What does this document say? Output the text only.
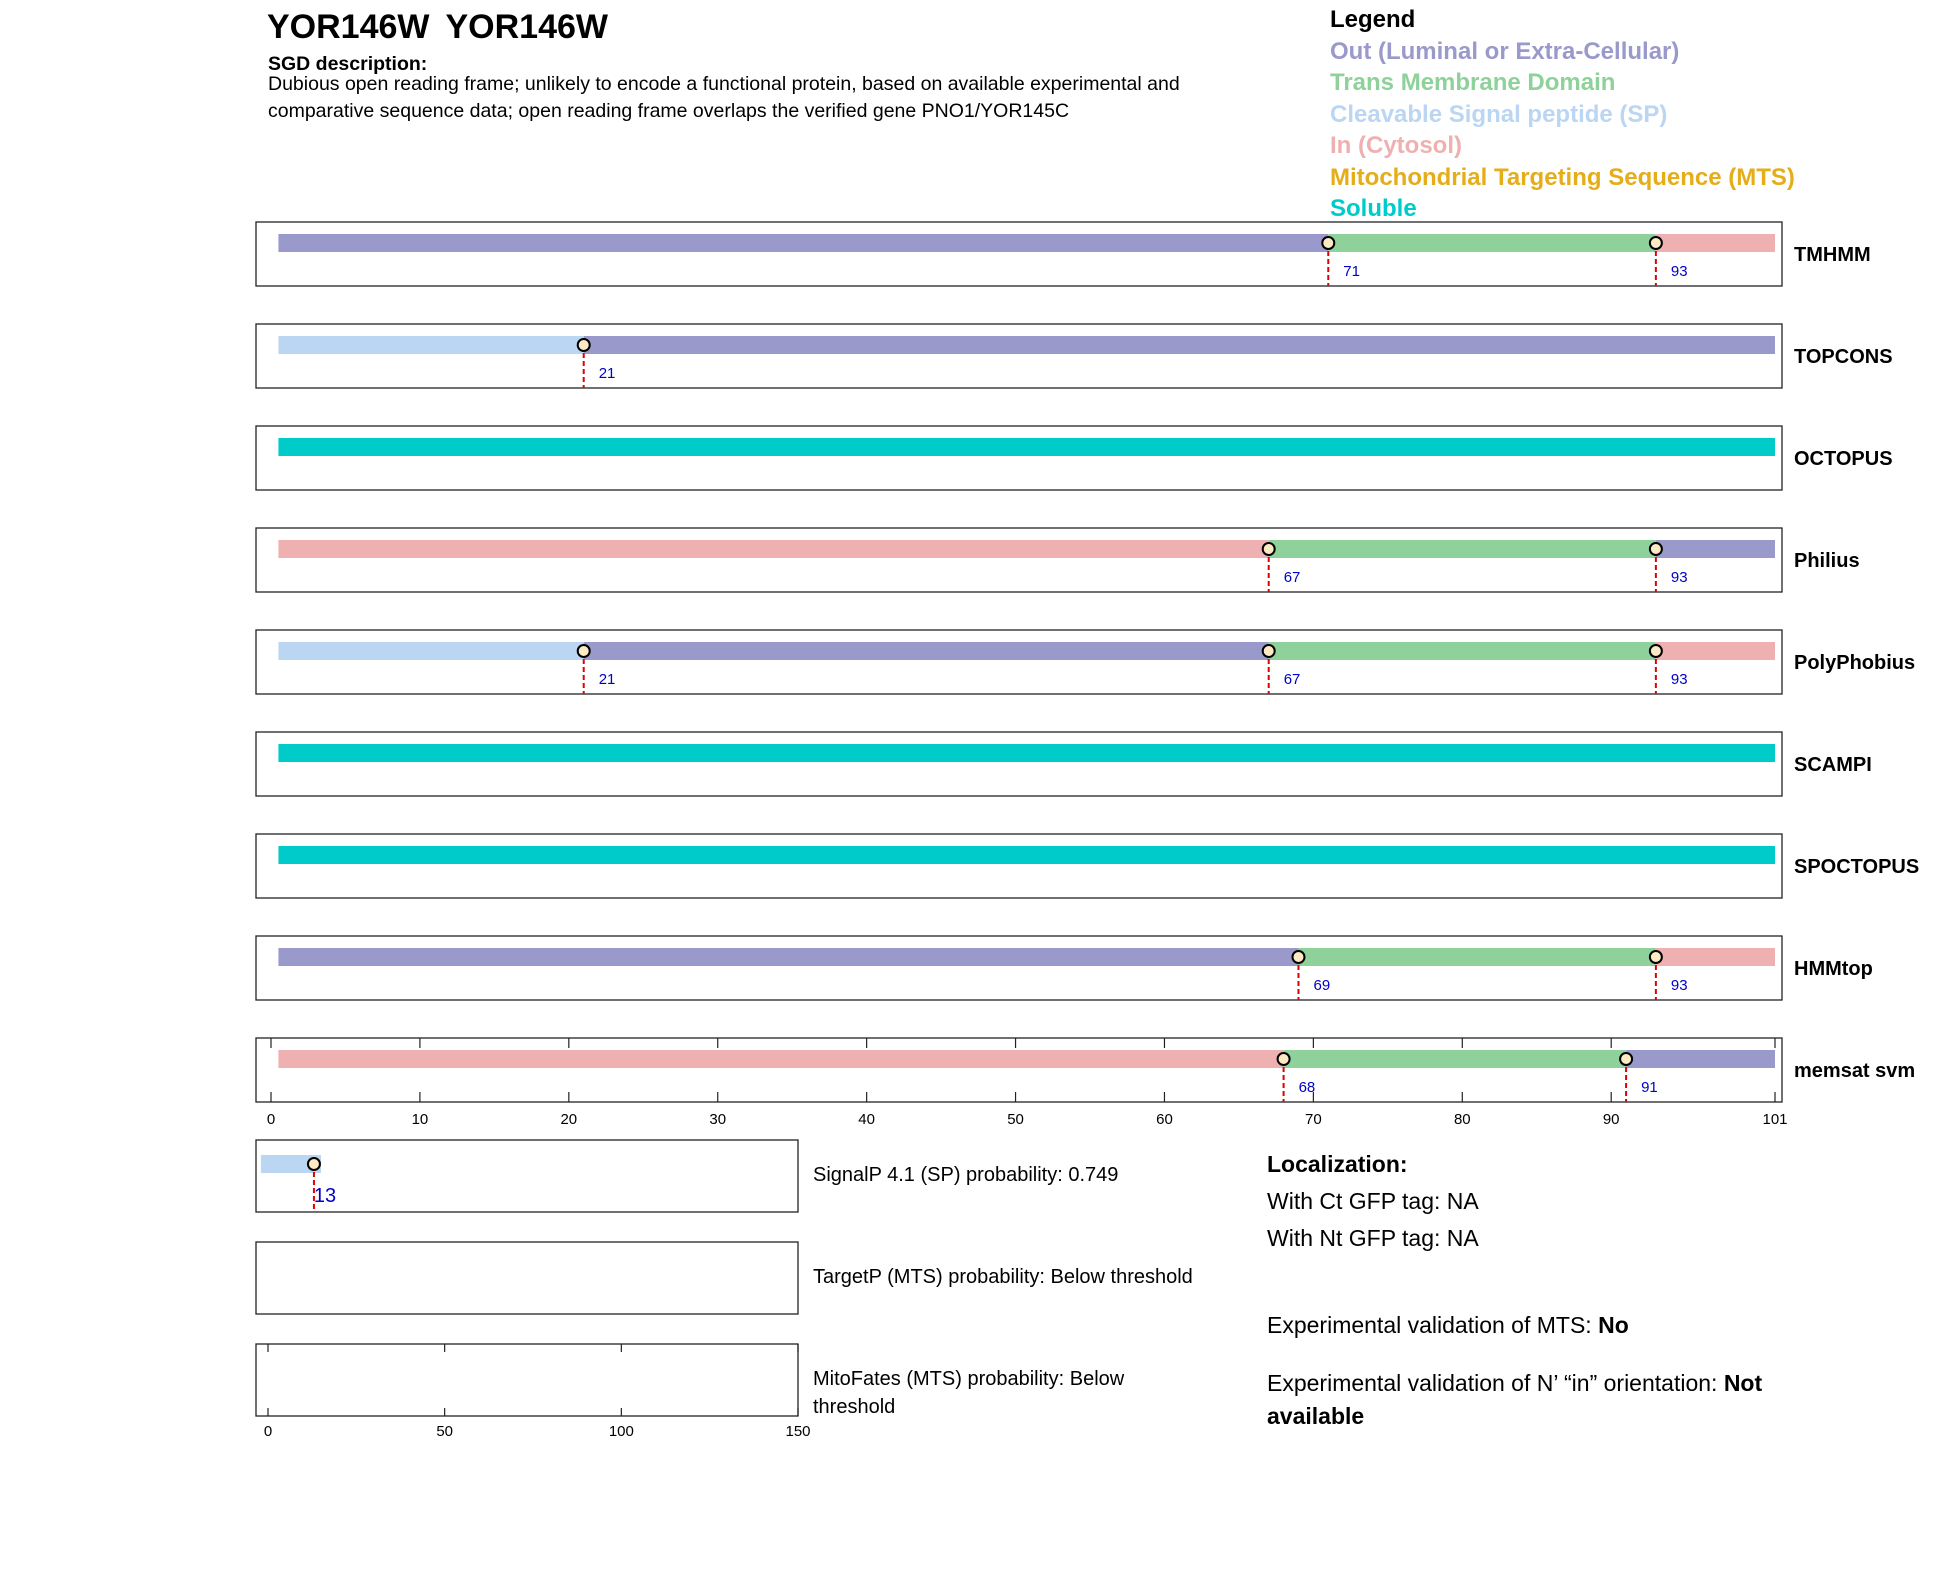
YOR146W YOR146W
SGD description:
Dubious open reading frame; unlikely to encode a functional protein, based on available experimental and
comparative sequence data; open reading frame overlaps the verified gene PNO1/YOR145C
Legend
Out (Luminal or Extra-Cellular)
Trans Membrane Domain
Cleavable Signal peptide (SP)
In (Cytosol)
Mitochondrial Targeting Sequence (MTS)
Soluble
71	93
TMHMM
21
TOPCONS
OCTOPUS
67	93
Philius
21	67	93
PolyPhobius
SCAMPI
SPOCTOPUS
69	93
HMMtop
68	91
memsat svm
0	10	20	30	40	50	60	70	80	90	101
13
SignalP 4.1 (SP) probability: 0.749
TargetP (MTS) probability: Below threshold
MitoFates (MTS) probability: Below
threshold
0	50	100	150
Localization:
With Ct GFP tag: NA
With Nt GFP tag: NA
Experimental validation of MTS: No
Experimental validation of N’ “in” orientation: Not
available
